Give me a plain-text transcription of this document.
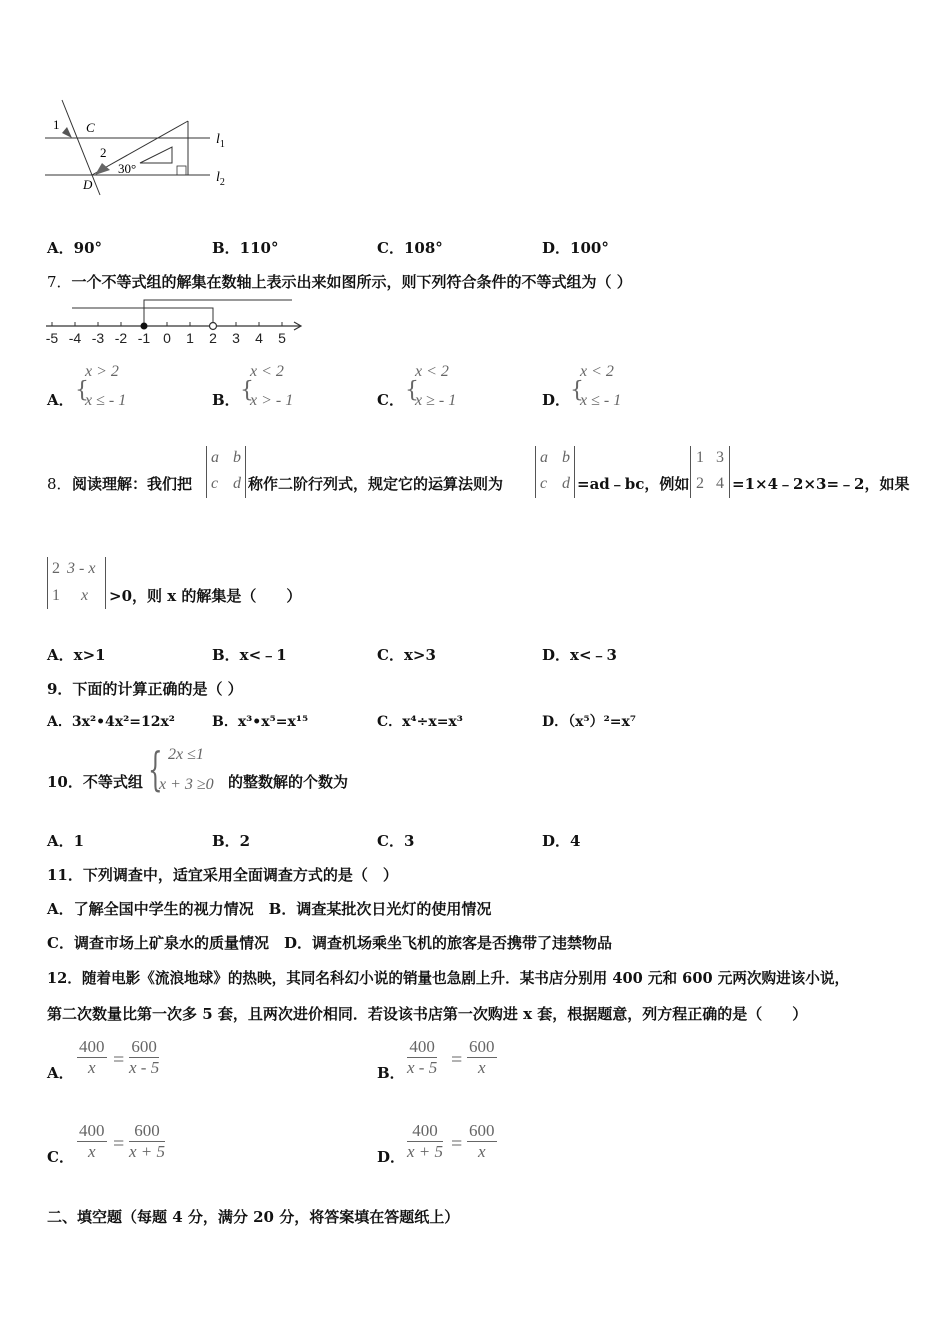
1 C
2
30°
D
$l_1$
$l_2$
A．90°	B．110°	C．108°	D．100°
7．一个不等式组的解集在数轴上表示出来如图所示，则下列符合条件的不等式组为（ ）
-5 -4 -3 -2 -1 0 1 2 3 4 5
A． {
x > 2
x ≤ - 1	B． {
x < 2
x > - 1	C． {
x < 2
x ≥ - 1	D． {
x < 2
x ≤ - 1
8． 阅读理解：我们把
a b
c d 称作二阶行列式，规定它的运算法则为
a b
c d =ad﹣bc，例如
1 3
2 4 =1×4﹣2×3=﹣2，如果
2 3 - x
1 x >0，则 x 的解集是（　　）
A．x>1	B．x<﹣1	C．x>3	D．x<﹣3
9．下面的计算正确的是（ ）
A．3x²•4x²=12x²	B．x³•x⁵=x¹⁵	C．x⁴÷x=x³	D．（x⁵）²=x⁷
10．不等式组 { 2x ≤1
x + 3 ≥0 的整数解的个数为
A．1	B．2	C．3	D．4
11．下列调查中，适宜采用全面调查方式的是（　）
A．了解全国中学生的视力情况　B．调查某批次日光灯的使用情况
C．调查市场上矿泉水的质量情况　D．调查机场乘坐飞机的旅客是否携带了违禁物品
12．随着电影《流浪地球》的热映，其同名科幻小说的销量也急剧上升．某书店分别用 400 元和 600 元两次购进该小说，
第二次数量比第一次多 5 套，且两次进价相同．若设该书店第一次购进 x 套，根据题意，列方程正确的是（　　）
A． $\frac{400}{x} = \frac{600}{x - 5}$	B． $\frac{400}{x - 5} = \frac{600}{x}$
C． $\frac{400}{x} = \frac{600}{x + 5}$	D． $\frac{400}{x + 5} = \frac{600}{x}$
二、填空题（每题 4 分，满分 20 分，将答案填在答题纸上）
